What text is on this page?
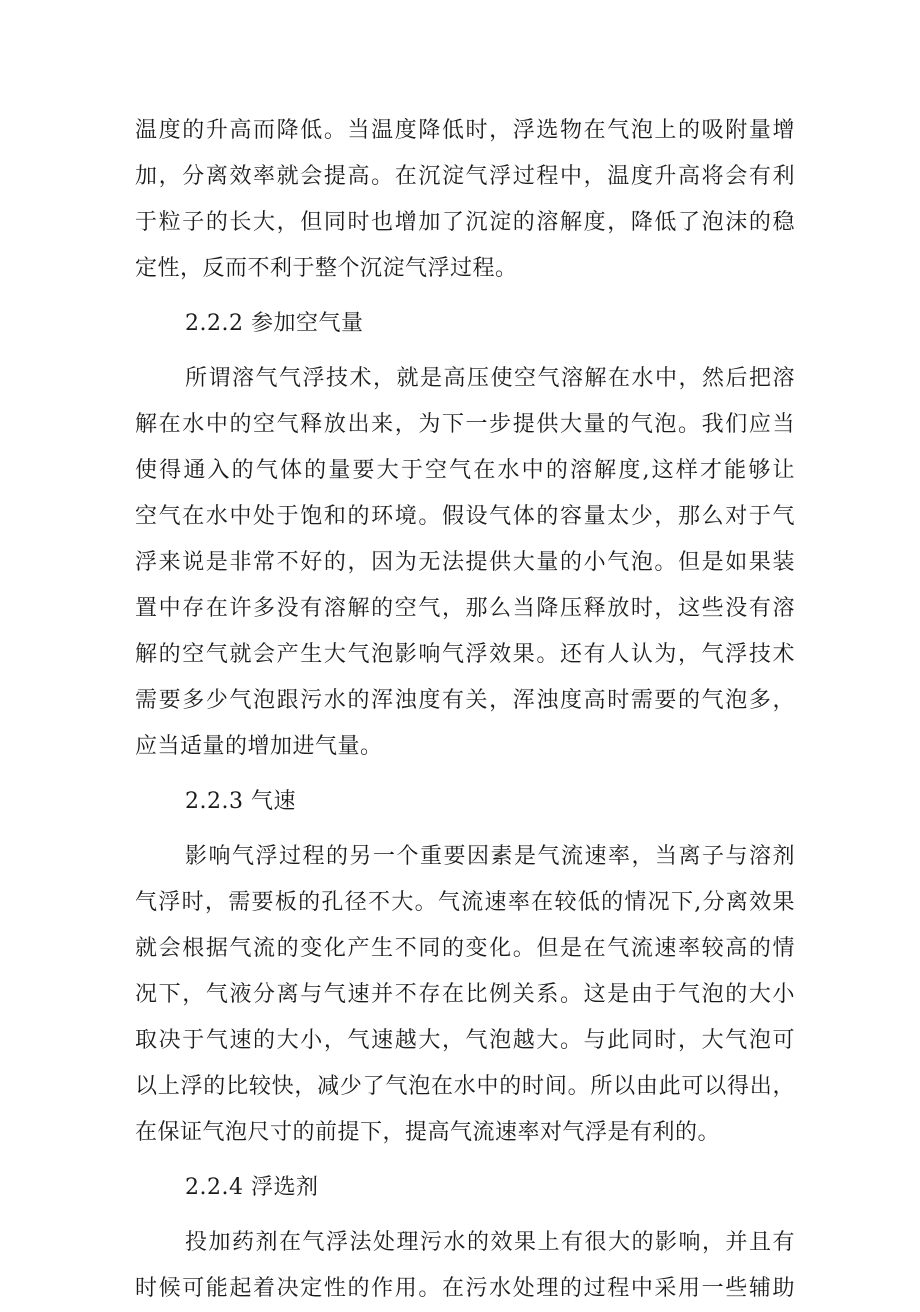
温度的升高而降低。当温度降低时，浮选物在气泡上的吸附量增
加，分离效率就会提高。在沉淀气浮过程中，温度升高将会有利
于粒子的长大，但同时也增加了沉淀的溶解度，降低了泡沫的稳
定性，反而不利于整个沉淀气浮过程。
2.2.2 参加空气量
所谓溶气气浮技术，就是高压使空气溶解在水中，然后把溶
解在水中的空气释放出来，为下一步提供大量的气泡。我们应当
使得通入的气体的量要大于空气在水中的溶解度,这样才能够让
空气在水中处于饱和的环境。假设气体的容量太少，那么对于气
浮来说是非常不好的，因为无法提供大量的小气泡。但是如果装
置中存在许多没有溶解的空气，那么当降压释放时，这些没有溶
解的空气就会产生大气泡影响气浮效果。还有人认为，气浮技术
需要多少气泡跟污水的浑浊度有关，浑浊度高时需要的气泡多，
应当适量的增加进气量。
2.2.3 气速
影响气浮过程的另一个重要因素是气流速率，当离子与溶剂
气浮时，需要板的孔径不大。气流速率在较低的情况下,分离效果
就会根据气流的变化产生不同的变化。但是在气流速率较高的情
况下，气液分离与气速并不存在比例关系。这是由于气泡的大小
取决于气速的大小，气速越大，气泡越大。与此同时，大气泡可
以上浮的比较快，减少了气泡在水中的时间。所以由此可以得出，
在保证气泡尺寸的前提下，提高气流速率对气浮是有利的。
2.2.4 浮选剂
投加药剂在气浮法处理污水的效果上有很大的影响，并且有
时候可能起着决定性的作用。在污水处理的过程中采用一些辅助
